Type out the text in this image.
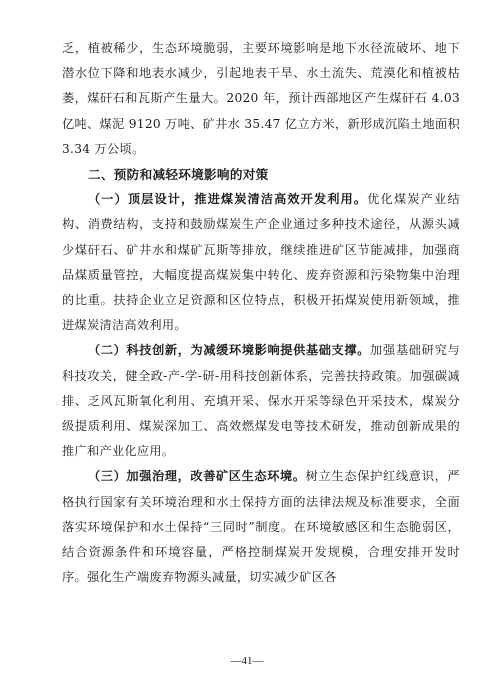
乏，植被稀少，生态环境脆弱，主要环境影响是地下水径流破坏、地下潜水位下降和地表水减少，引起地表干旱、水土流失、荒漠化和植被枯萎，煤矸石和瓦斯产生量大。2020 年，预计西部地区产生煤矸石 4.03 亿吨、煤泥 9120 万吨、矿井水 35.47 亿立方米，新形成沉陷土地面积 3.34 万公顷。

二、预防和减轻环境影响的对策

（一）顶层设计，推进煤炭清洁高效开发利用。优化煤炭产业结构、消费结构，支持和鼓励煤炭生产企业通过多种技术途径，从源头减少煤矸石、矿井水和煤矿瓦斯等排放，继续推进矿区节能减排，加强商品煤质量管控，大幅度提高煤炭集中转化、废弃资源和污染物集中治理的比重。扶持企业立足资源和区位特点，积极开拓煤炭使用新领域，推进煤炭清洁高效利用。

（二）科技创新，为减缓环境影响提供基础支撑。加强基础研究与科技攻关，健全政-产-学-研-用科技创新体系，完善扶持政策。加强碳减排、乏风瓦斯氧化利用、充填开采、保水开采等绿色开采技术，煤炭分级提质利用、煤炭深加工、高效燃煤发电等技术研发，推动创新成果的推广和产业化应用。

（三）加强治理，改善矿区生态环境。树立生态保护红线意识，严格执行国家有关环境治理和水土保持方面的法律法规及标准要求，全面落实环境保护和水土保持“三同时”制度。在环境敏感区和生态脆弱区，结合资源条件和环境容量，严格控制煤炭开发规模，合理安排开发时序。强化生产端废弃物源头减量，切实减少矿区各

—41—
